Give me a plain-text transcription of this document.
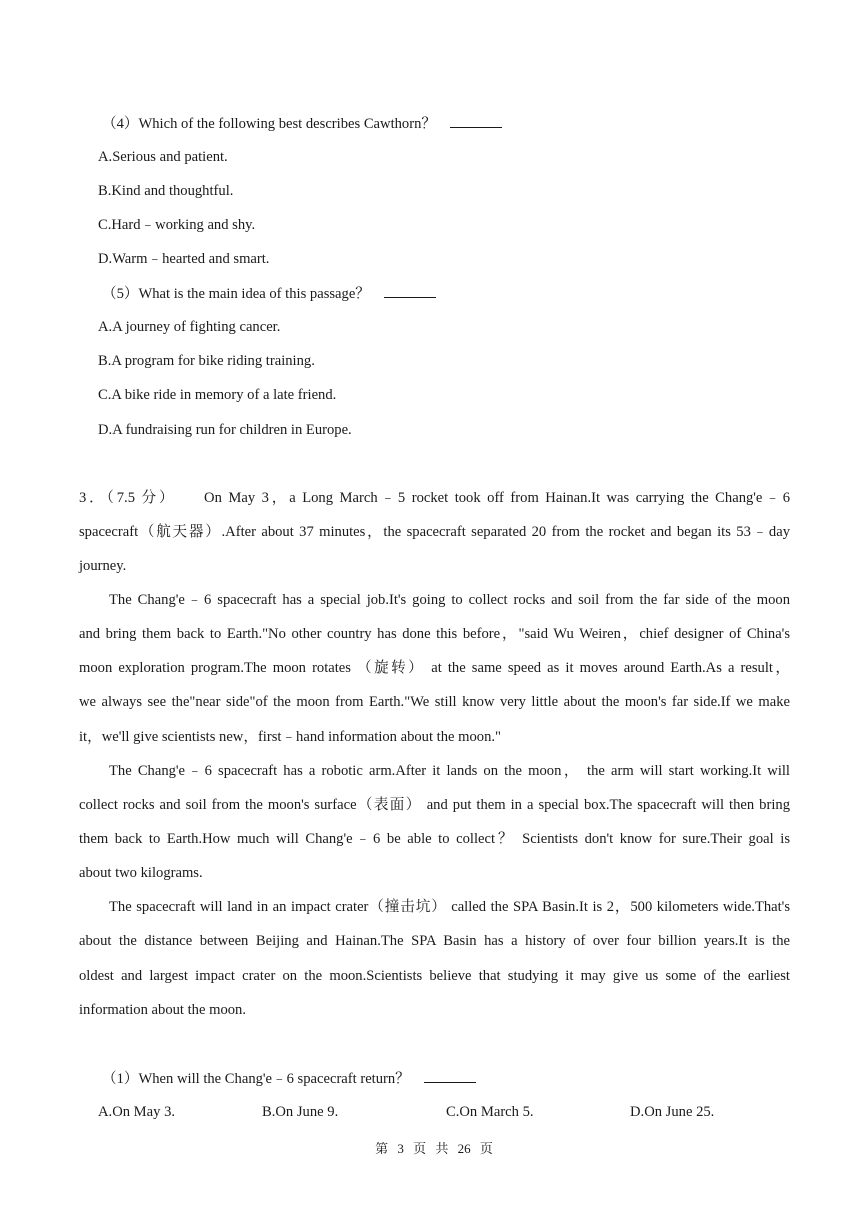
（4）Which of the following best describes Cawthorn？
A.Serious and patient.
B.Kind and thoughtful.
C.Hard﹣working and shy.
D.Warm﹣hearted and smart.
（5）What is the main idea of this passage？
A.A journey of fighting cancer.
B.A program for bike riding training.
C.A bike ride in memory of a late friend.
D.A fundraising run for children in Europe.
3．（7.5 分）　　On May 3，a Long March﹣5 rocket took off from Hainan.It was carrying the Chang'e﹣6
spacecraft（航天器）.After about 37 minutes，the spacecraft separated 20 from the rocket and began its 53﹣day
journey.
The Chang'e﹣6 spacecraft has a special job.It's going to collect rocks and soil from the far side of the moon
and bring them back to Earth."No other country has done this before，"said Wu Weiren，chief designer of China's
moon exploration program.The moon rotates （旋转） at the same speed as it moves around Earth.As a result，
we always see the"near side"of the moon from Earth."We still know very little about the moon's far side.If we make
it，we'll give scientists new，first﹣hand information about the moon."
The Chang'e﹣6 spacecraft has a robotic arm.After it lands on the moon， the arm will start working.It will
collect rocks and soil from the moon's surface（表面） and put them in a special box.The spacecraft will then bring
them back to Earth.How much will Chang'e﹣6 be able to collect？ Scientists don't know for sure.Their goal is
about two kilograms.
The spacecraft will land in an impact crater（撞击坑） called the SPA Basin.It is 2，500 kilometers wide.That's
about the distance between Beijing and Hainan.The SPA Basin has a history of over four billion years.It is the
oldest and largest impact crater on the moon.Scientists believe that studying it may give us some of the earliest
information about the moon.
（1）When will the Chang'e﹣6 spacecraft return？
A.On May 3.	B.On June 9.	C.On March 5.	D.On June 25.
第 3 页 共 26 页
